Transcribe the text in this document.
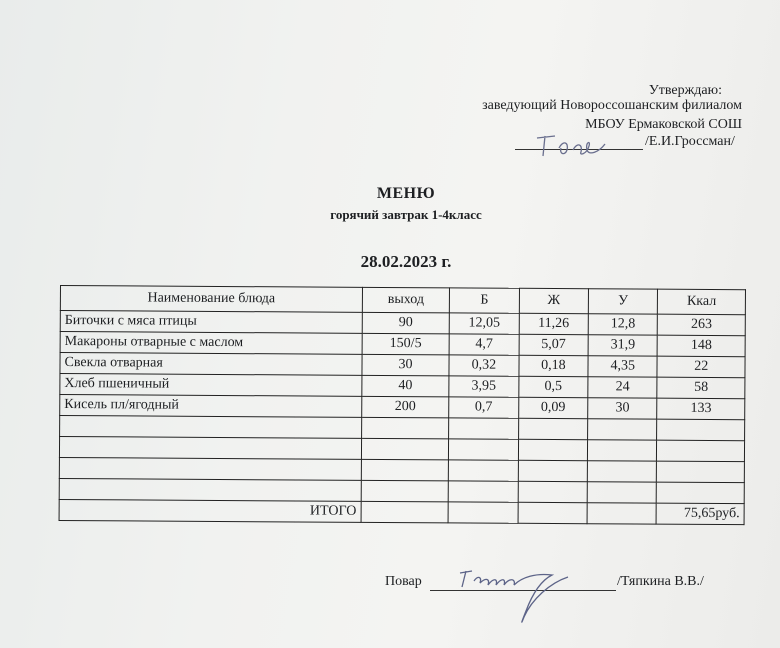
Утверждаю:
заведующий Новороссошанским филиалом
МБОУ Ермаковской СОШ
/Е.И.Гроссман/
МЕНЮ
горячий завтрак 1-4класс
28.02.2023 г.
Наименование блюда	выход	Б	Ж	У	Ккал
Биточки с мяса птицы	90	12,05	11,26	12,8	263
Макароны отварные с маслом	150/5	4,7	5,07	31,9	148
Свекла отварная	30	0,32	0,18	4,35	22
Хлеб пшеничный	40	3,95	0,5	24	58
Кисель пл/ягодный	200	0,7	0,09	30	133

ИТОГО					75,65руб.
Повар	/Тяпкина В.В./
